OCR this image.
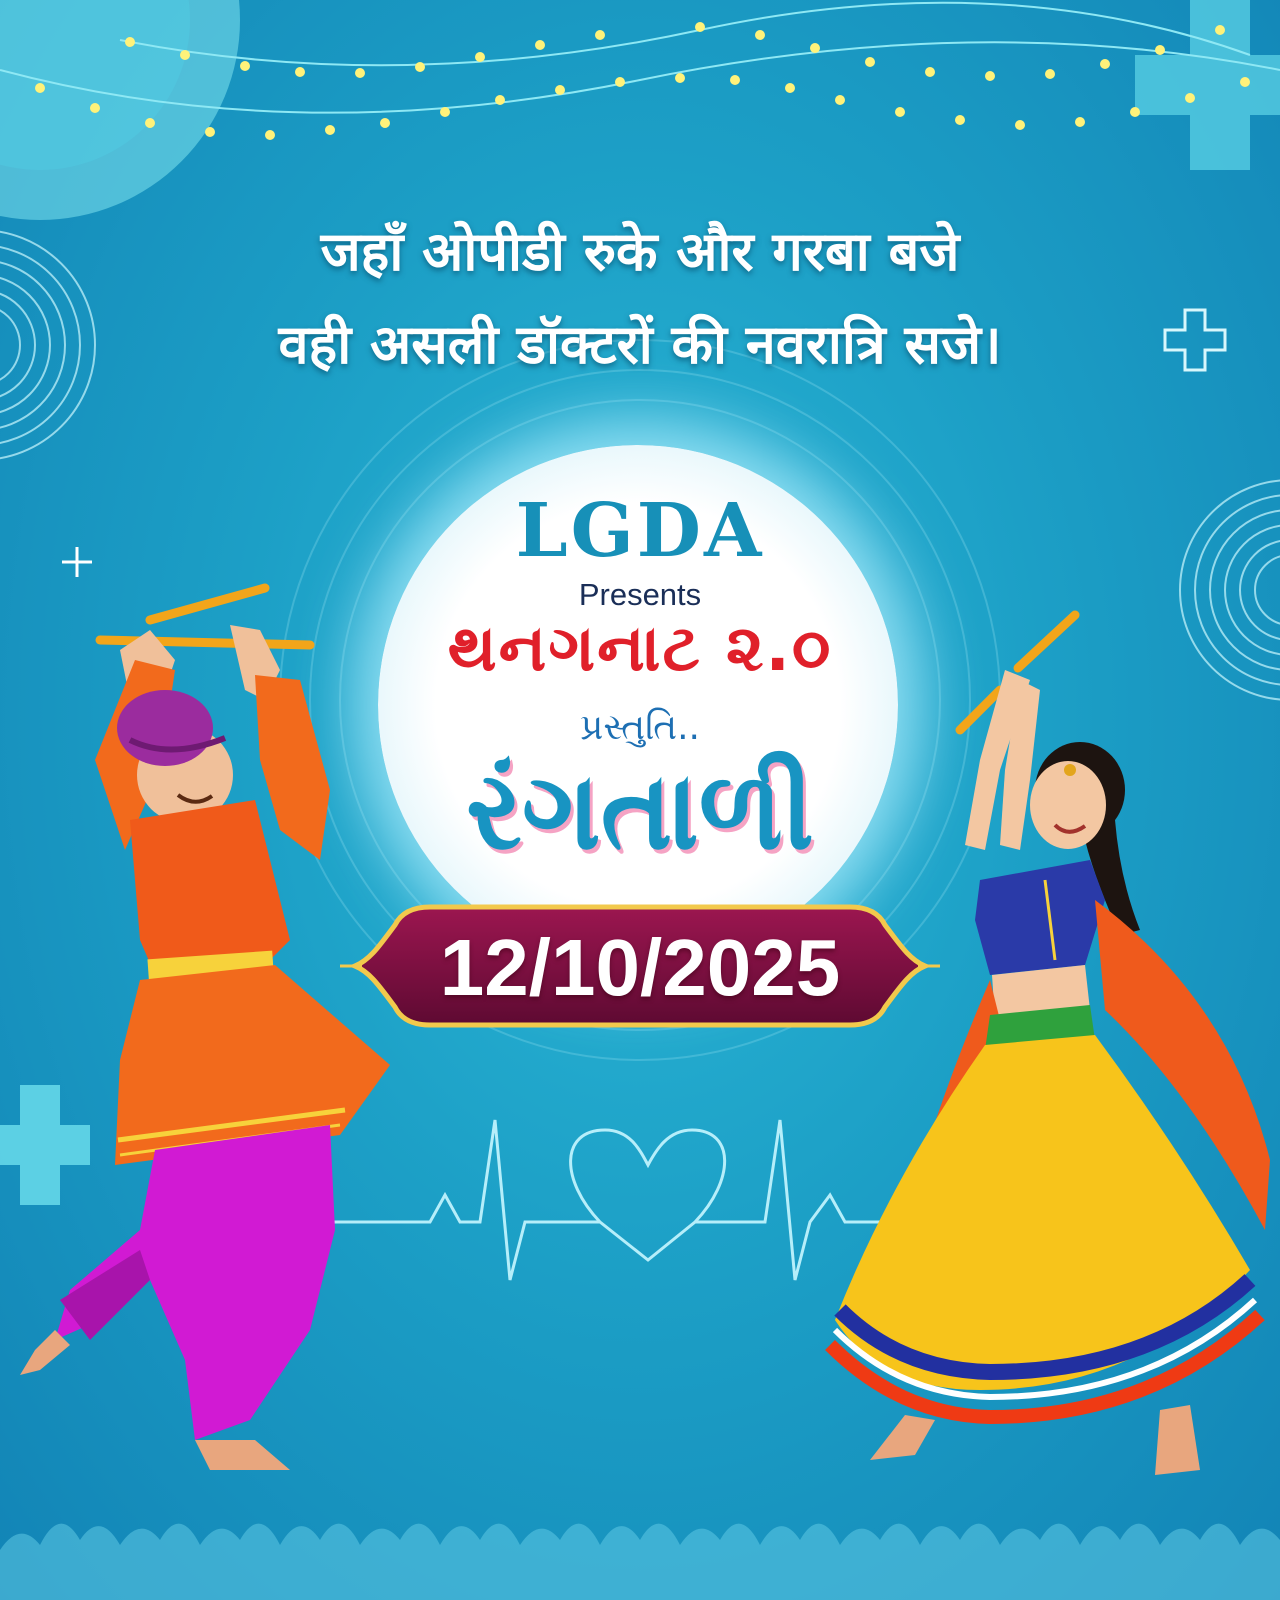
जहाँ ओपीडी रुके और गरबा बजे
वही असली डॉक्टरों की नवरात्रि सजे।
LGDA
Presents
થનગનાટ ૨.૦
પ્રસ્તુતિ..
રંગતાળી
12/10/2025
